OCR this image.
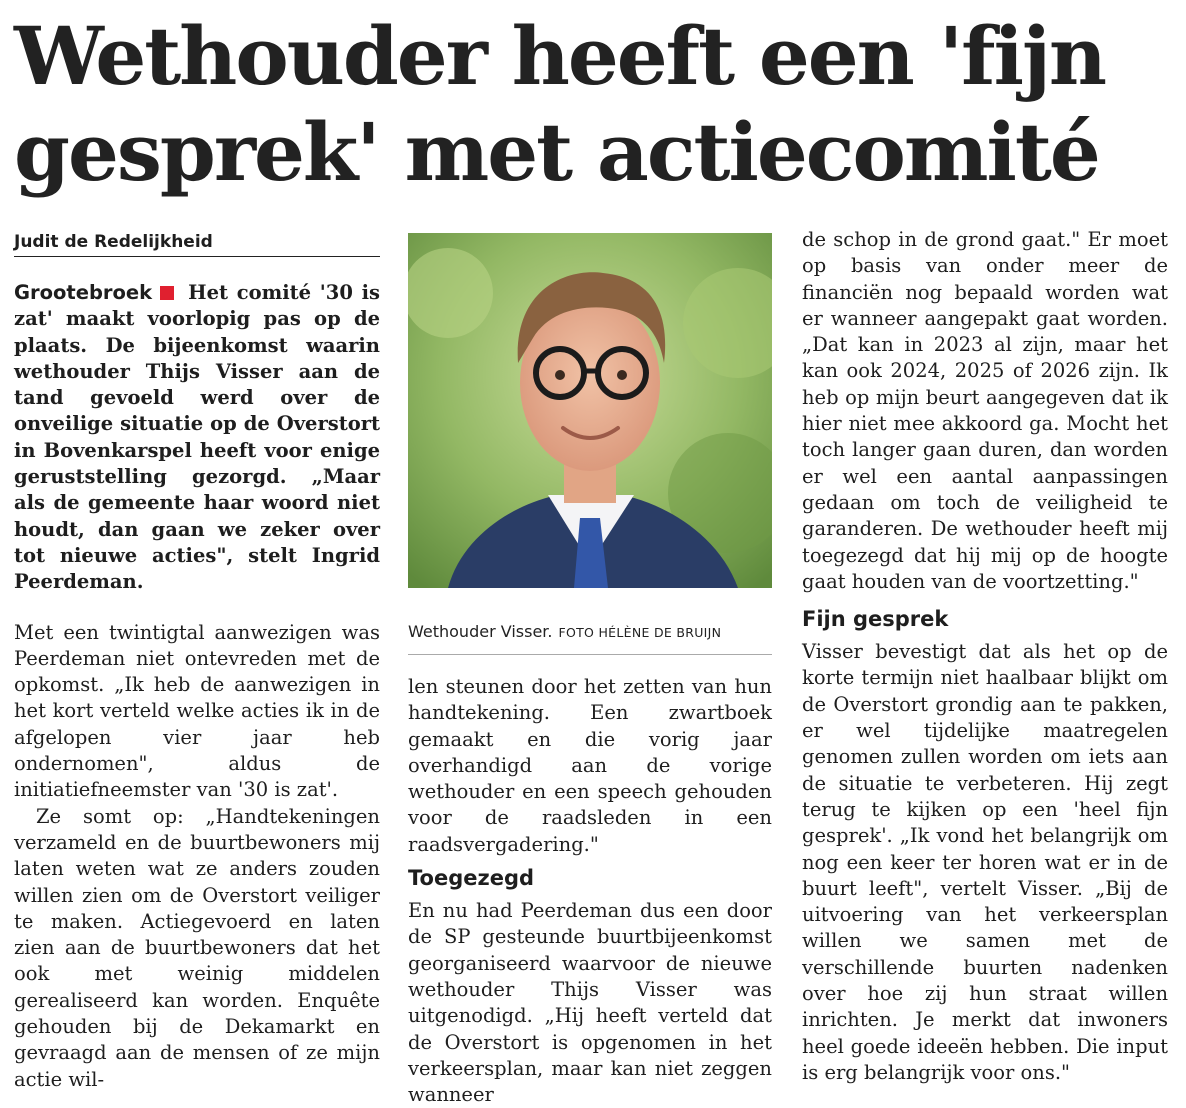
Wethouder heeft een 'fijn gesprek' met actiecomité
Judit de Redelijkheid

Grootebroek Het comité '30 is zat' maakt voorlopig pas op de plaats. De bijeenkomst waarin wethouder Thijs Visser aan de tand gevoeld werd over de onveilige situatie op de Overstort in Bovenkarspel heeft voor enige geruststelling gezorgd. „Maar als de gemeente haar woord niet houdt, dan gaan we zeker over tot nieuwe acties", stelt Ingrid Peerdeman.

Met een twintigtal aanwezigen was Peerdeman niet ontevreden met de opkomst. „Ik heb de aanwezigen in het kort verteld welke acties ik in de afgelopen vier jaar heb ondernomen", aldus de initiatiefneemster van '30 is zat'.

Ze somt op: „Handtekeningen verzameld en de buurtbewoners mij laten weten wat ze anders zouden willen zien om de Overstort veiliger te maken. Actiegevoerd en laten zien aan de buurtbewoners dat het ook met weinig middelen gerealiseerd kan worden. Enquête gehouden bij de Dekamarkt en gevraagd aan de mensen of ze mijn actie wil-

Wethouder Visser. FOTO HÉLÈNE DE BRUIJN

len steunen door het zetten van hun handtekening. Een zwartboek gemaakt en die vorig jaar overhandigd aan de vorige wethouder en een speech gehouden voor de raadsleden in een raadsvergadering."

Toegezegd

En nu had Peerdeman dus een door de SP gesteunde buurtbijeenkomst georganiseerd waarvoor de nieuwe wethouder Thijs Visser was uitgenodigd. „Hij heeft verteld dat de Overstort is opgenomen in het verkeersplan, maar kan niet zeggen wanneer

de schop in de grond gaat." Er moet op basis van onder meer de financiën nog bepaald worden wat er wanneer aangepakt gaat worden. „Dat kan in 2023 al zijn, maar het kan ook 2024, 2025 of 2026 zijn. Ik heb op mijn beurt aangegeven dat ik hier niet mee akkoord ga. Mocht het toch langer gaan duren, dan worden er wel een aantal aanpassingen gedaan om toch de veiligheid te garanderen. De wethouder heeft mij toegezegd dat hij mij op de hoogte gaat houden van de voortzetting."

Fijn gesprek

Visser bevestigt dat als het op de korte termijn niet haalbaar blijkt om de Overstort grondig aan te pakken, er wel tijdelijke maatregelen genomen zullen worden om iets aan de situatie te verbeteren. Hij zegt terug te kijken op een 'heel fijn gesprek'. „Ik vond het belangrijk om nog een keer ter horen wat er in de buurt leeft", vertelt Visser. „Bij de uitvoering van het verkeersplan willen we samen met de verschillende buurten nadenken over hoe zij hun straat willen inrichten. Je merkt dat inwoners heel goede ideeën hebben. Die input is erg belangrijk voor ons."
